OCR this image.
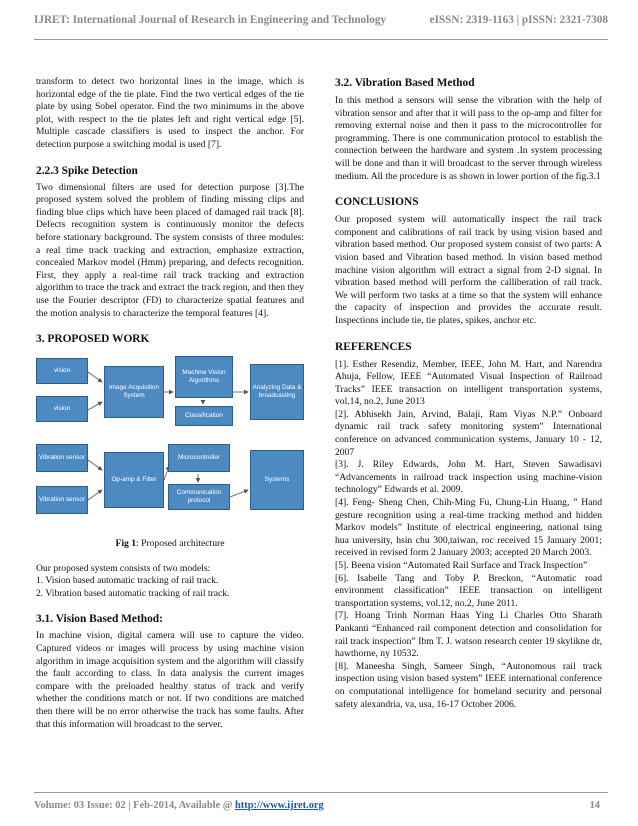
IJRET: International Journal of Research in Engineering and Technology	eISSN: 2319-1163 | pISSN: 2321-7308

transform to detect two horizontal lines in the image, which is horizontal edge of the tie plate. Find the two vertical edges of the tie plate by using Sobel operator. Find the two minimums in the above plot, with respect to the tie plates left and right vertical edge [5]. Multiple cascade classifiers is used to inspect the anchor. For detection purpose a switching modal is used [7].

2.2.3 Spike Detection

Two dimensional filters are used for detection purpose [3].The proposed system solved the problem of finding missing clips and finding blue clips which have been placed of damaged rail track [8]. Defects recognition system is continuously monitor the defects before stationary background. The system consists of three modules: a real time track tracking and extraction, emphasize extraction, concealed Markov model (Hmm) preparing, and defects recognition. First, they apply a real-time rail track tracking and extraction algorithm to trace the track and extract the track region, and then they use the Fourier descriptor (FD) to characterize spatial features and the motion analysis to characterize the temporal features [4].

3. PROPOSED WORK
vision
vision
Image Acquisition System
Machine Vision Algorithms
Classification
Analyzing Data & broadcasting
Vibration sensor
Vibration sensor
Op-amp & Filter
Microcontroller
Communication protocol
Systems
Fig 1: Proposed architecture

Our proposed system consists of two models:

1. Vision based automatic tracking of rail track.

2. Vibration based automatic tracking of rail track.

3.1. Vision Based Method:

In machine vision, digital camera will use to capture the video. Captured videos or images will process by using machine vision algorithm in image acquisition system and the algorithm will classify the fault according to class. In data analysis the current images compare with the preloaded healthy status of track and verify whether the conditions match or not. If two conditions are matched then there will be no error otherwise the track has some faults. After that this information will broadcast to the server.

3.2. Vibration Based Method

In this method a sensors will sense the vibration with the help of vibration sensor and after that it will pass to the op-amp and filter for removing external noise and then it pass to the microcontroller for programming. There is one communication protocol to establish the connection between the hardware and system .In system processing will be done and than it will broadcast to the server through wireless medium. All the procedure is as shown in lower portion of the fig.3.1

CONCLUSIONS

Our proposed system will automatically inspect the rail track component and calibrations of rail track by using vision based and vibration based method. Our proposed system consist of two parts: A vision based and Vibration based method. In vision based method machine vision algorithm will extract a signal from 2-D signal. In vibration based method will perform the calliberation of rail track. We will perform two tasks at a time so that the system will enhance the capacity of inspection and provides the accurate result. Inspections include tie, tie plates, spikes, anchor etc.

REFERENCES

[1]. Esther Resendiz, Member, IEEE, John M. Hart, and Narendra Ahuja, Fellow, IEEE “Automated Visual Inspection of Railroad Tracks” IEEE transaction on intelligent transportation systems, vol.14, no.2, June 2013

[2]. Abhisekh Jain, Arvind, Balaji, Ram Viyas N.P.” Onboard dynamic rail track safety monitoring system” International conference on advanced communication systems, January 10 - 12, 2007

[3]. J. Riley Edwards, John M. Hart, Steven Sawadisavi “Advancements in railroad track inspection using machine-vision technology” Edwards et al. 2009.

[4]. Feng- Sheng Chen, Chih-Ming Fu, Chung-Lin Huang, ” Hand gesture recognition using a real-time tracking method and hidden Markov models” Institute of electrical engineering, national tsing hua university, hsin chu 300,taiwan, roc received 15 January 2001; received in revised form 2 January 2003; accepted 20 March 2003.

[5]. Beena vision “Automated Rail Surface and Track Inspection”

[6]. Isabelle Tang and Toby P. Breckon, “Automatic road environment classification” IEEE transaction on intelligent transportation systems, vol.12, no.2, June 2011.

[7]. Hoang Trinh Norman Haas Ying Li Charles Otto Sharath Pankanti “Enhanced rail component detection and consolidation for rail track inspection” Ibm T. J. watson research center 19 skylikne dr, hawthorne, ny 10532.

[8]. Maneesha Singh, Sameer Singh, “Autonomous rail track inspection using vision based system” IEEE international conference on computational intelligence for homeland security and personal safety alexandria, va, usa, 16-17 October 2006.

Volume: 03 Issue: 02 | Feb-2014, Available @ http://www.ijret.org	14
